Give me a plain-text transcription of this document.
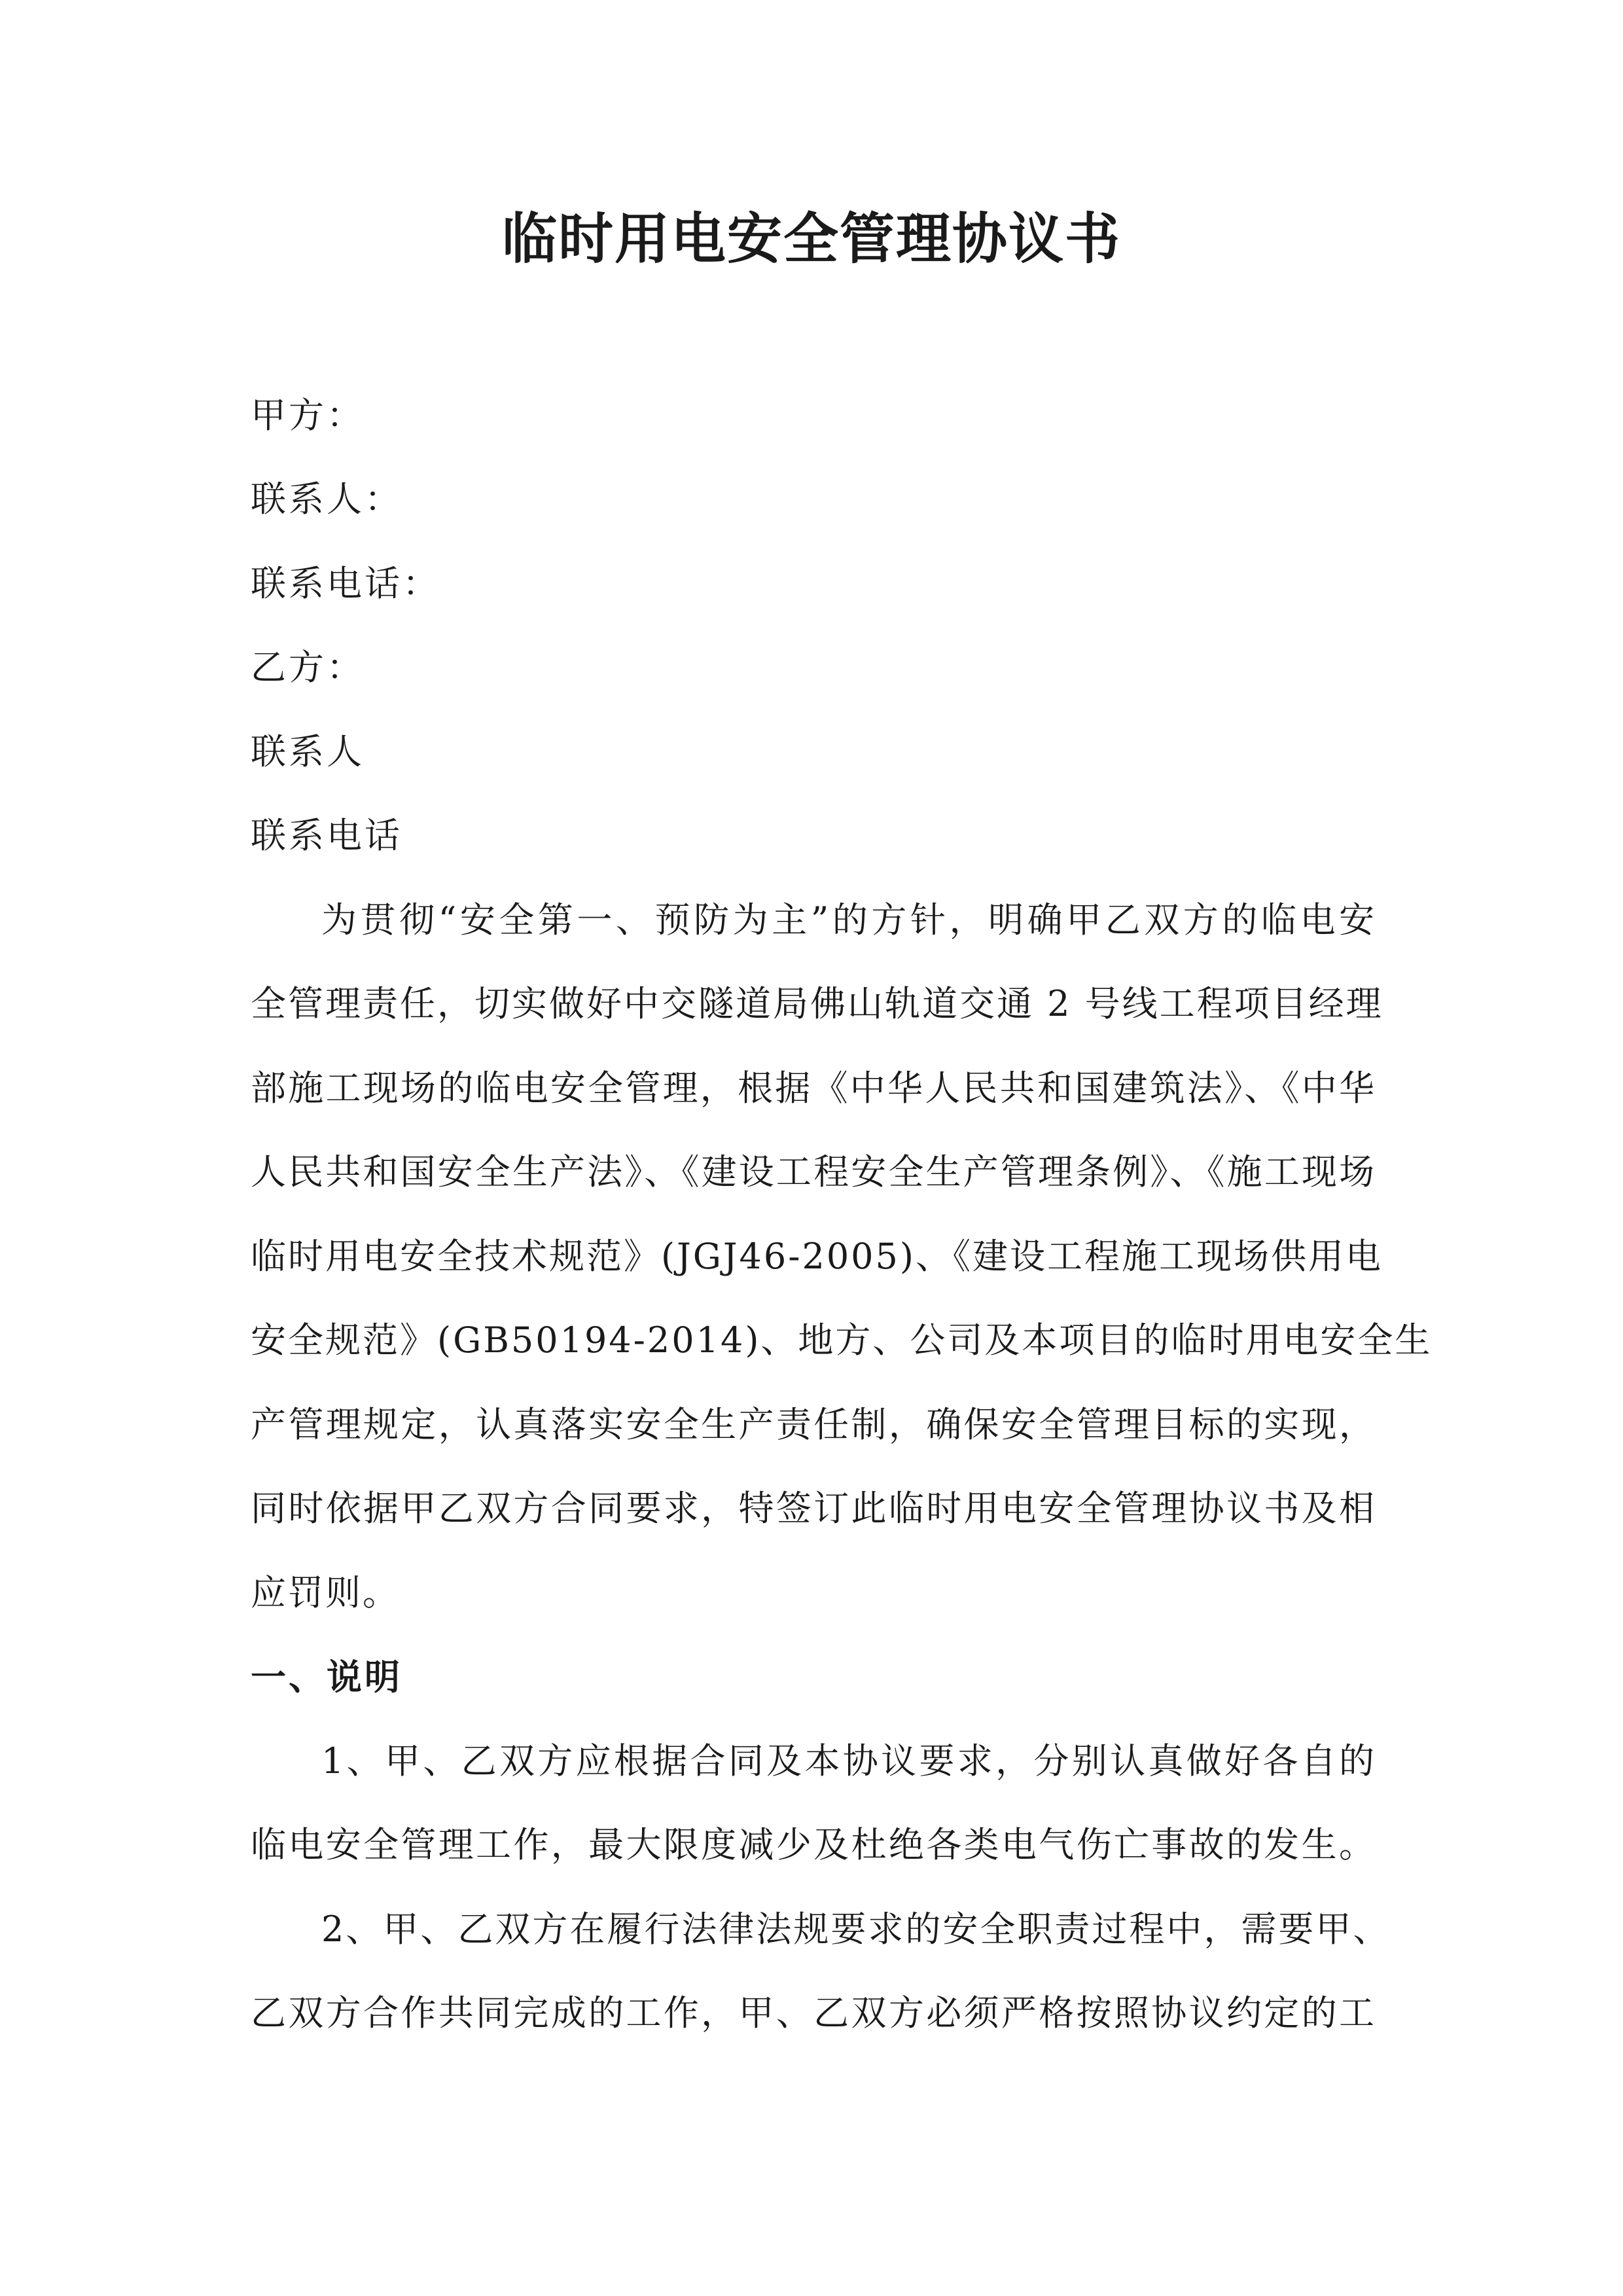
临时用电安全管理协议书
甲方：
联系人：
联系电话：
乙方：
联系人
联系电话
为贯彻“安全第一、预防为主”的方针，明确甲乙双方的临电安
全管理责任，切实做好中交隧道局佛山轨道交通 2 号线工程项目经理
部施工现场的临电安全管理，根据《中华人民共和国建筑法》、《中华
人民共和国安全生产法》、《建设工程安全生产管理条例》、《施工现场
临时用电安全技术规范》(JGJ46-2005)、《建设工程施工现场供用电
安全规范》(GB50194-2014)、地方、公司及本项目的临时用电安全生
产管理规定，认真落实安全生产责任制，确保安全管理目标的实现，
同时依据甲乙双方合同要求，特签订此临时用电安全管理协议书及相
应罚则。
一、说明
1、甲、乙双方应根据合同及本协议要求，分别认真做好各自的
临电安全管理工作，最大限度减少及杜绝各类电气伤亡事故的发生。
2、甲、乙双方在履行法律法规要求的安全职责过程中，需要甲、
乙双方合作共同完成的工作，甲、乙双方必须严格按照协议约定的工
